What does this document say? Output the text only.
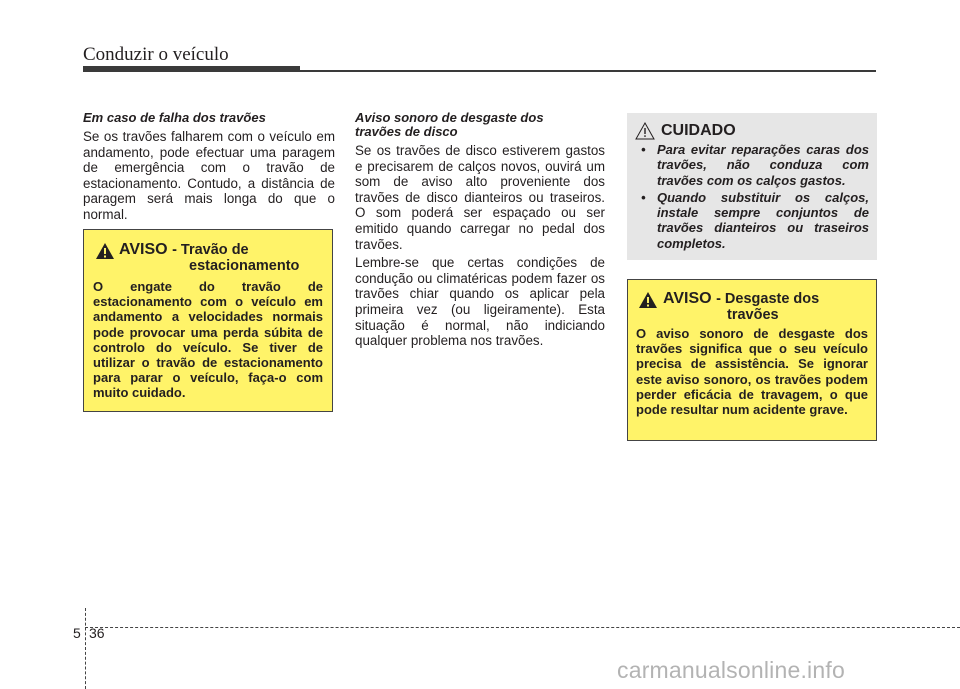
Conduzir o veículo
Em caso de falha dos travões
Se os travões falharem com o veículo em andamento, pode efectuar uma paragem de emergência com o travão de estacionamento. Contudo, a distância de paragem será mais longa do que o normal.
AVISO - Travão de
estacionamento
O engate do travão de estacionamento com o veículo em andamento a velocidades normais pode provocar uma perda súbita de controlo do veículo. Se tiver de utilizar o travão de estacionamento para parar o veículo, faça-o com muito cuidado.
Aviso sonoro de desgaste dos
travões de disco
Se os travões de disco estiverem gastos e precisarem de calços novos, ouvirá um som de aviso alto proveniente dos travões de disco dianteiros ou traseiros. O som poderá ser espaçado ou ser emitido quando carregar no pedal dos travões.
Lembre-se que certas condições de condução ou climatéricas podem fazer os travões chiar quando os aplicar pela primeira vez (ou ligeiramente). Esta situação é normal, não indiciando qualquer problema nos travões.
CUIDADO
• Para evitar reparações caras dos travões, não conduza com travões com os calços gastos.
• Quando substituir os calços, instale sempre conjuntos de travões dianteiros ou traseiros completos.
AVISO - Desgaste dos
travões
O aviso sonoro de desgaste dos travões significa que o seu veículo precisa de assistência. Se ignorar este aviso sonoro, os travões podem perder eficácia de travagem, o que pode resultar num acidente grave.
5 36
carmanualsonline.info
